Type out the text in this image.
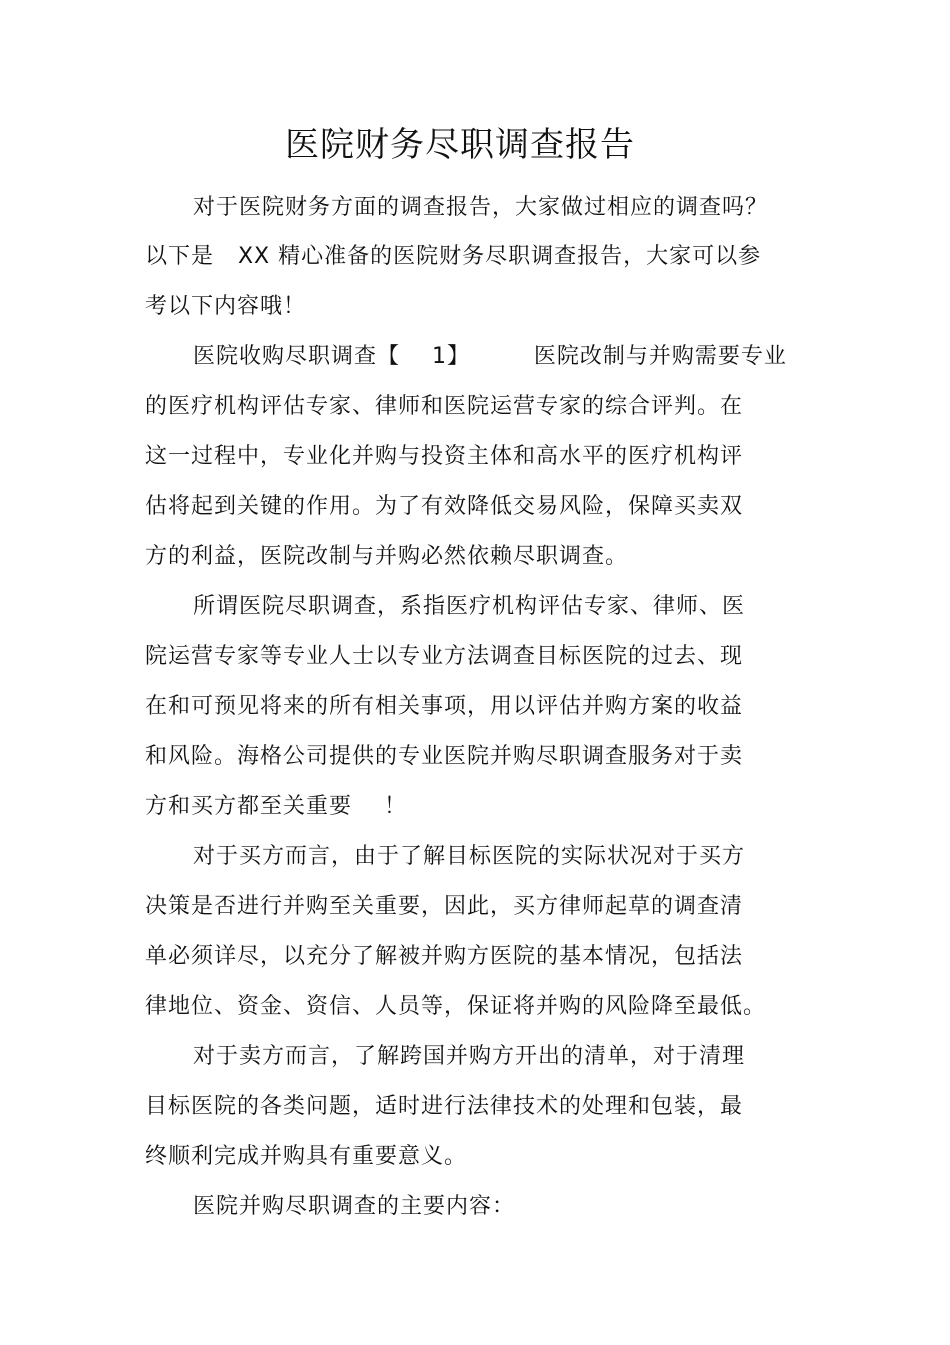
医院财务尽职调查报告
对于医院财务方面的调查报告，大家做过相应的调查吗？
以下是   XX 精心准备的医院财务尽职调查报告，大家可以参
考以下内容哦！
医院收购尽职调查【    1】        医院改制与并购需要专业
的医疗机构评估专家、律师和医院运营专家的综合评判。在
这一过程中，专业化并购与投资主体和高水平的医疗机构评
估将起到关键的作用。为了有效降低交易风险，保障买卖双
方的利益，医院改制与并购必然依赖尽职调查。
所谓医院尽职调查，系指医疗机构评估专家、律师、医
院运营专家等专业人士以专业方法调查目标医院的过去、现
在和可预见将来的所有相关事项，用以评估并购方案的收益
和风险。海格公司提供的专业医院并购尽职调查服务对于卖
方和买方都至关重要    ！
对于买方而言，由于了解目标医院的实际状况对于买方
决策是否进行并购至关重要，因此，买方律师起草的调查清
单必须详尽，以充分了解被并购方医院的基本情况，包括法
律地位、资金、资信、人员等，保证将并购的风险降至最低。
对于卖方而言，了解跨国并购方开出的清单，对于清理
目标医院的各类问题，适时进行法律技术的处理和包装，最
终顺利完成并购具有重要意义。
医院并购尽职调查的主要内容：
